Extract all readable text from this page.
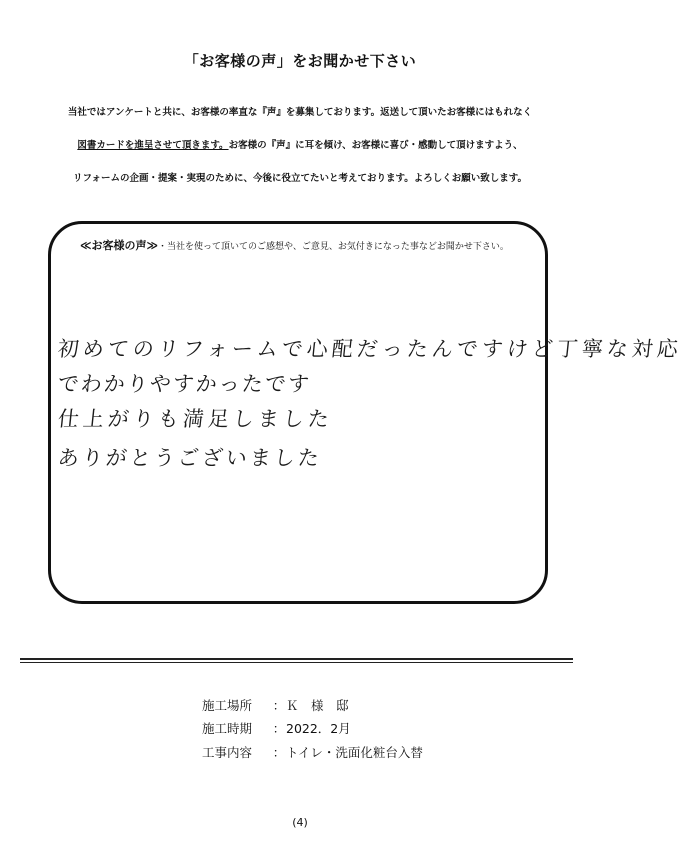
「お客様の声」をお聞かせ下さい
当社ではアンケートと共に、お客様の率直な『声』を募集しております。返送して頂いたお客様にはもれなく
図書カードを進呈させて頂きます。お客様の『声』に耳を傾け、お客様に喜び・感動して頂けますよう、
リフォームの企画・提案・実現のために、今後に役立てたいと考えております。よろしくお願い致します。
≪お客様の声≫・当社を使って頂いてのご感想や、ご意見、お気付きになった事などお聞かせ下さい。
初めてのリフォームで心配だったんですけど丁寧な対応
でわかりやすかったです
仕上がりも満足しました
ありがとうございました
施工場所 ：Ｋ　様　邸
施工時期 ：2022．2月
工事内容 ：トイレ・洗面化粧台入替
(4)
